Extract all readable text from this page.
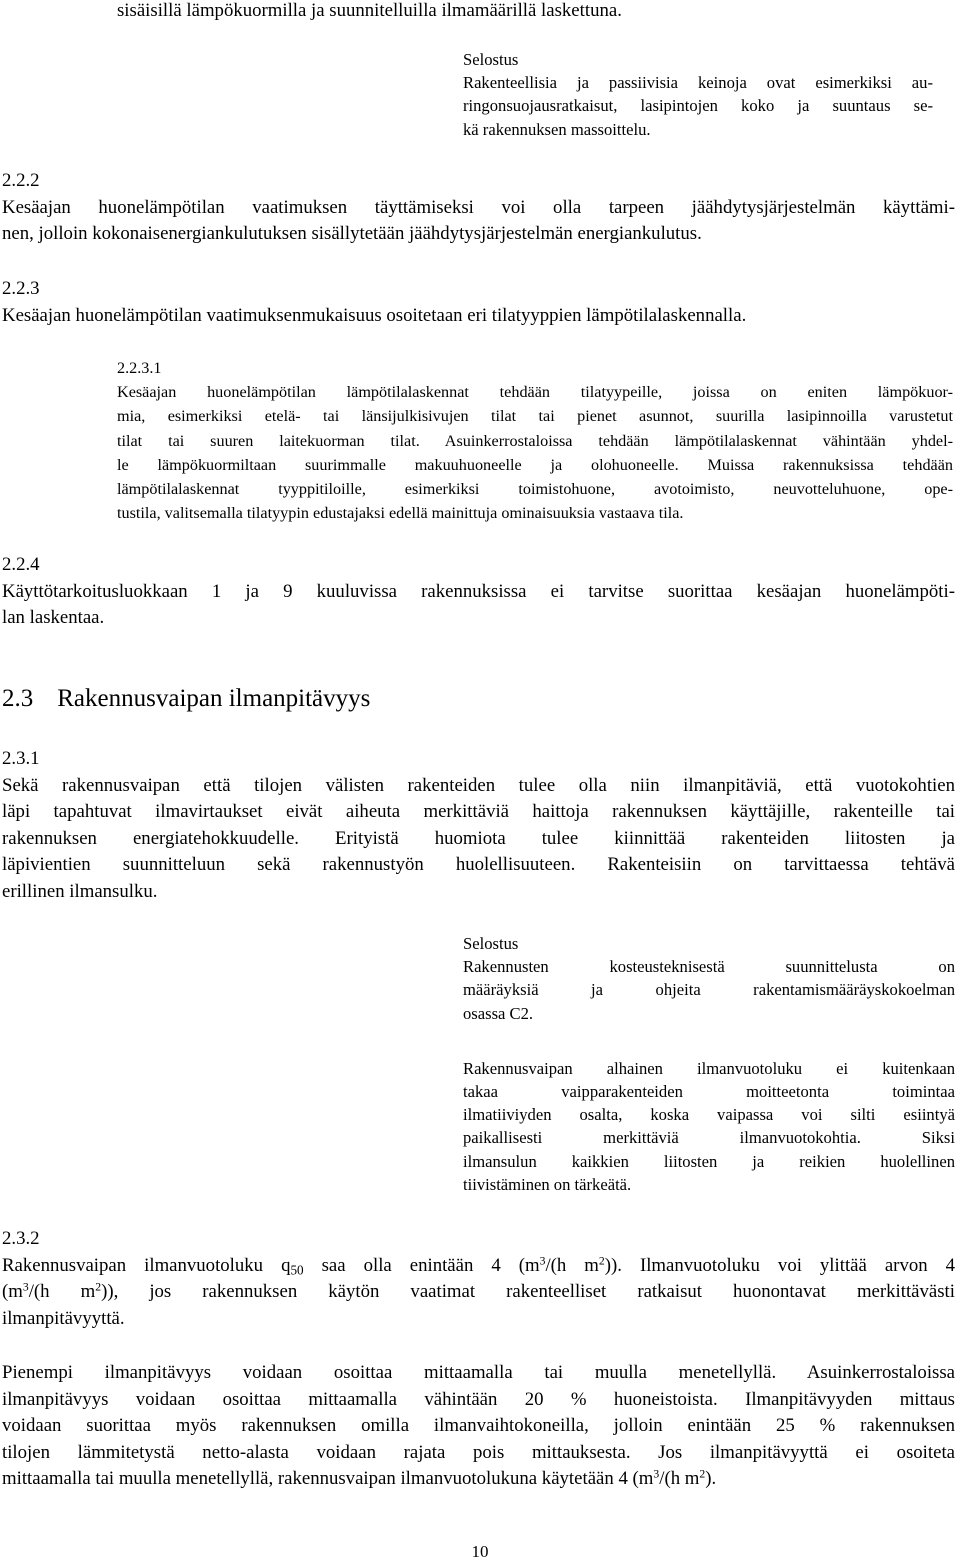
sisäisillä lämpökuormilla ja suunnitelluilla ilmamäärillä laskettuna.

Selostus
Rakenteellisia ja passiivisia keinoja ovat esimerkiksi au-
ringonsuojausratkaisut, lasipintojen koko ja suuntaus se-
kä rakennuksen massoittelu.
2.2.2
Kesäajan huonelämpötilan vaatimuksen täyttämiseksi voi olla tarpeen jäähdytysjärjestelmän käyttämi-
nen, jolloin kokonaisenergiankulutuksen sisällytetään jäähdytysjärjestelmän energiankulutus.
2.2.3
Kesäajan huonelämpötilan vaatimuksenmukaisuus osoitetaan eri tilatyyppien lämpötilalaskennalla.
2.2.3.1
Kesäajan huonelämpötilan lämpötilalaskennat tehdään tilatyypeille, joissa on eniten lämpökuor-
mia, esimerkiksi etelä- tai länsijulkisivujen tilat tai pienet asunnot, suurilla lasipinnoilla varustetut
tilat tai suuren laitekuorman tilat. Asuinkerrostaloissa tehdään lämpötilalaskennat vähintään yhdel-
le lämpökuormiltaan suurimmalle makuuhuoneelle ja olohuoneelle. Muissa rakennuksissa tehdään
lämpötilalaskennat tyyppitiloille, esimerkiksi toimistohuone, avotoimisto, neuvotteluhuone, ope-
tustila, valitsemalla tilatyypin edustajaksi edellä mainittuja ominaisuuksia vastaava tila.
2.2.4
Käyttötarkoitusluokkaan 1 ja 9 kuuluvissa rakennuksissa ei tarvitse suorittaa kesäajan huonelämpöti-
lan laskentaa.
2.3 Rakennusvaipan ilmanpitävyys
2.3.1
Sekä rakennusvaipan että tilojen välisten rakenteiden tulee olla niin ilmanpitäviä, että vuotokohtien
läpi tapahtuvat ilmavirtaukset eivät aiheuta merkittäviä haittoja rakennuksen käyttäjille, rakenteille tai
rakennuksen energiatehokkuudelle. Erityistä huomiota tulee kiinnittää rakenteiden liitosten ja
läpivientien suunnitteluun sekä rakennustyön huolellisuuteen. Rakenteisiin on tarvittaessa tehtävä
erillinen ilmansulku.
Selostus
Rakennusten kosteusteknisestä suunnittelusta on
määräyksiä ja ohjeita rakentamismääräyskokoelman
osassa C2.
Rakennusvaipan alhainen ilmanvuotoluku ei kuitenkaan
takaa vaipparakenteiden moitteetonta toimintaa
ilmatiiviyden osalta, koska vaipassa voi silti esiintyä
paikallisesti merkittäviä ilmanvuotokohtia. Siksi
ilmansulun kaikkien liitosten ja reikien huolellinen
tiivistäminen on tärkeätä.
2.3.2
Rakennusvaipan ilmanvuotoluku $q_{50}$ saa olla enintään 4 ($m^3/(h$ $m^2$)). Ilmanvuotoluku voi ylittää arvon 4
($m^3/(h$ $m^2$)), jos rakennuksen käytön vaatimat rakenteelliset ratkaisut huonontavat merkittävästi
ilmanpitävyyttä.
Pienempi ilmanpitävyys voidaan osoittaa mittaamalla tai muulla menetellyllä. Asuinkerrostaloissa
ilmanpitävyys voidaan osoittaa mittaamalla vähintään 20 % huoneistoista. Ilmanpitävyyden mittaus
voidaan suorittaa myös rakennuksen omilla ilmanvaihtokoneilla, jolloin enintään 25 % rakennuksen
tilojen lämmitetystä netto-alasta voidaan rajata pois mittauksesta. Jos ilmanpitävyyttä ei osoiteta
mittaamalla tai muulla menetellyllä, rakennusvaipan ilmanvuotolukuna käytetään 4 ($m^3/(h$ $m^2$).
10
